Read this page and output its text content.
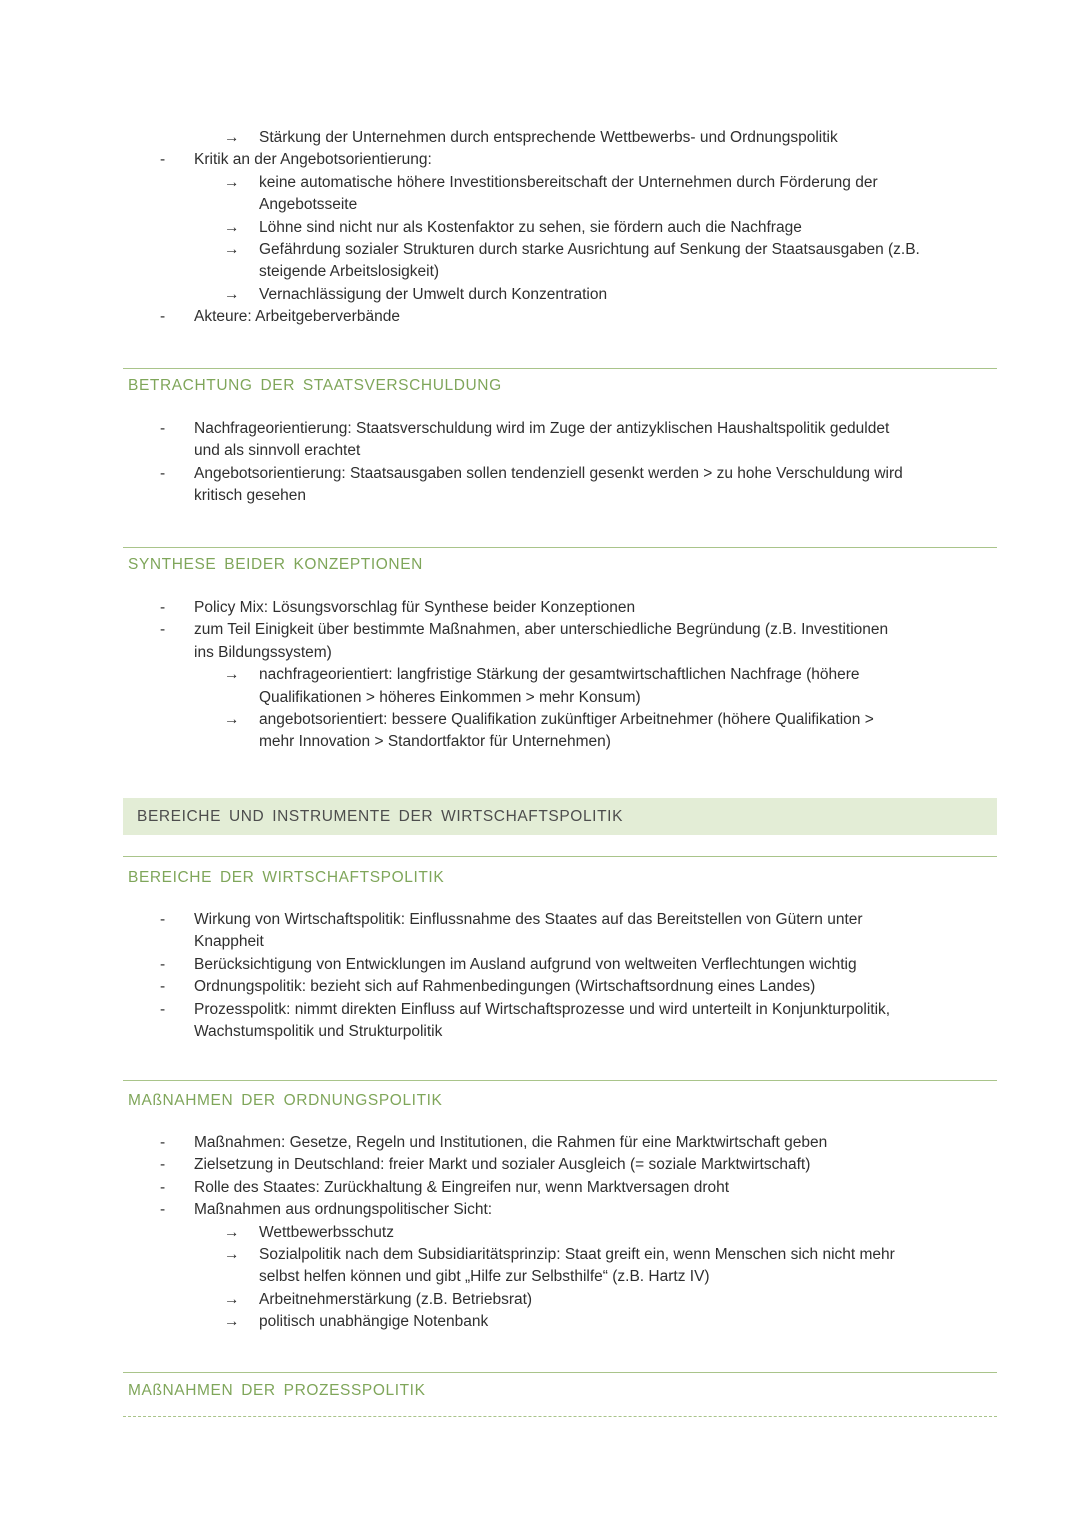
→ Stärkung der Unternehmen durch entsprechende Wettbewerbs- und Ordnungspolitik
- Kritik an der Angebotsorientierung:
→ keine automatische höhere Investitionsbereitschaft der Unternehmen durch Förderung der
Angebotsseite
→ Löhne sind nicht nur als Kostenfaktor zu sehen, sie fördern auch die Nachfrage
→ Gefährdung sozialer Strukturen durch starke Ausrichtung auf Senkung der Staatsausgaben (z.B.
steigende Arbeitslosigkeit)
→ Vernachlässigung der Umwelt durch Konzentration
- Akteure: Arbeitgeberverbände
BETRACHTUNG DER STAATSVERSCHULDUNG
- Nachfrageorientierung: Staatsverschuldung wird im Zuge der antizyklischen Haushaltspolitik geduldet
und als sinnvoll erachtet
- Angebotsorientierung: Staatsausgaben sollen tendenziell gesenkt werden > zu hohe Verschuldung wird
kritisch gesehen
SYNTHESE BEIDER KONZEPTIONEN
- Policy Mix: Lösungsvorschlag für Synthese beider Konzeptionen
- zum Teil Einigkeit über bestimmte Maßnahmen, aber unterschiedliche Begründung (z.B. Investitionen
ins Bildungssystem)
→ nachfrageorientiert: langfristige Stärkung der gesamtwirtschaftlichen Nachfrage (höhere
Qualifikationen > höheres Einkommen > mehr Konsum)
→ angebotsorientiert: bessere Qualifikation zukünftiger Arbeitnehmer (höhere Qualifikation >
mehr Innovation > Standortfaktor für Unternehmen)
BEREICHE UND INSTRUMENTE DER WIRTSCHAFTSPOLITIK
BEREICHE DER WIRTSCHAFTSPOLITIK
- Wirkung von Wirtschaftspolitik: Einflussnahme des Staates auf das Bereitstellen von Gütern unter
Knappheit
- Berücksichtigung von Entwicklungen im Ausland aufgrund von weltweiten Verflechtungen wichtig
- Ordnungspolitik: bezieht sich auf Rahmenbedingungen (Wirtschaftsordnung eines Landes)
- Prozesspolitk: nimmt direkten Einfluss auf Wirtschaftsprozesse und wird unterteilt in Konjunkturpolitik,
Wachstumspolitik und Strukturpolitik
MAßNAHMEN DER ORDNUNGSPOLITIK
- Maßnahmen: Gesetze, Regeln und Institutionen, die Rahmen für eine Marktwirtschaft geben
- Zielsetzung in Deutschland: freier Markt und sozialer Ausgleich (= soziale Marktwirtschaft)
- Rolle des Staates: Zurückhaltung & Eingreifen nur, wenn Marktversagen droht
- Maßnahmen aus ordnungspolitischer Sicht:
→ Wettbewerbsschutz
→ Sozialpolitik nach dem Subsidiaritätsprinzip: Staat greift ein, wenn Menschen sich nicht mehr
selbst helfen können und gibt „Hilfe zur Selbsthilfe“ (z.B. Hartz IV)
→ Arbeitnehmerstärkung (z.B. Betriebsrat)
→ politisch unabhängige Notenbank
MAßNAHMEN DER PROZESSPOLITIK
